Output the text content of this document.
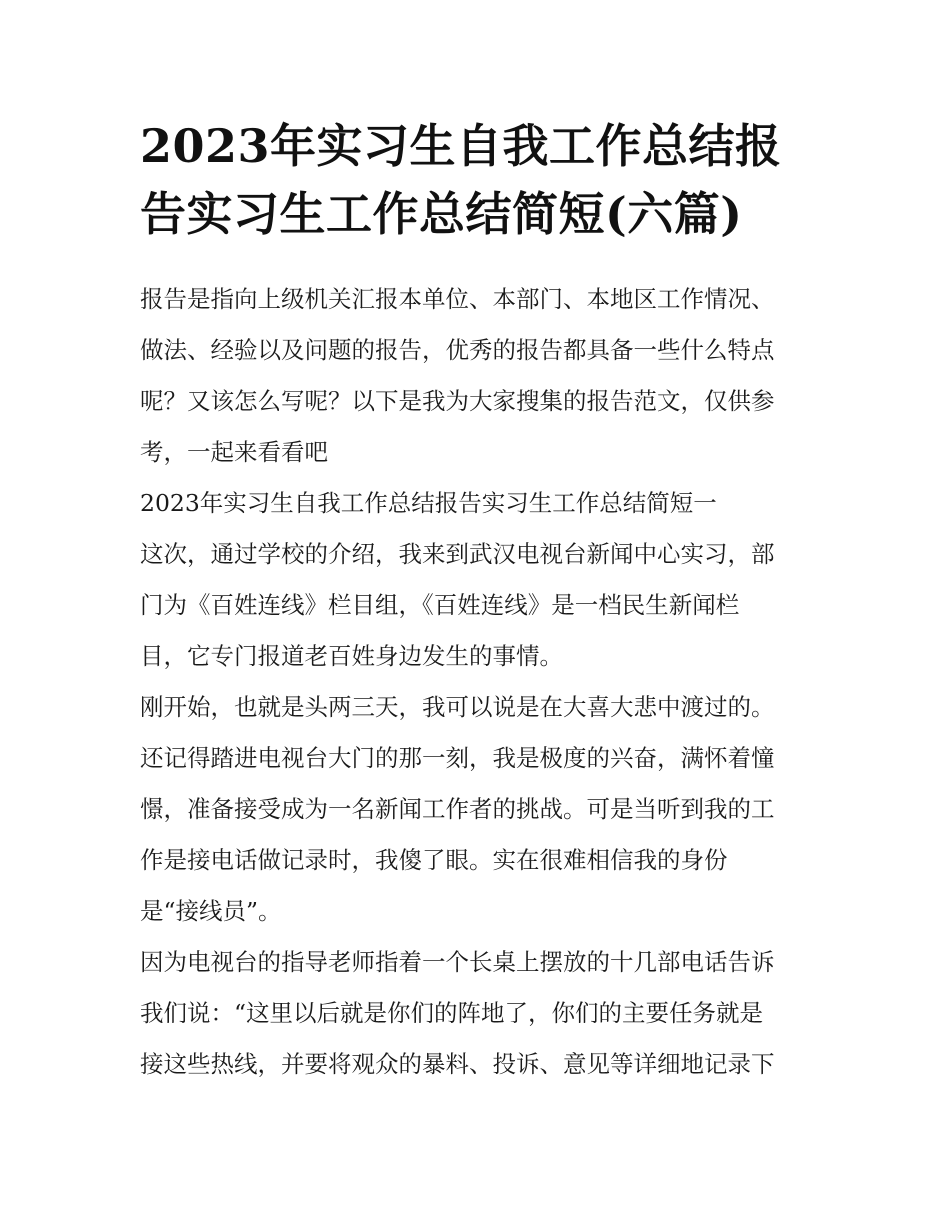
2023年实习生自我工作总结报
告实习生工作总结简短(六篇)
报告是指向上级机关汇报本单位、本部门、本地区工作情况、
做法、经验以及问题的报告，优秀的报告都具备一些什么特点
呢？又该怎么写呢？以下是我为大家搜集的报告范文，仅供参
考，一起来看看吧
2023年实习生自我工作总结报告实习生工作总结简短一
这次，通过学校的介绍，我来到武汉电视台新闻中心实习，部
门为《百姓连线》栏目组，《百姓连线》是一档民生新闻栏
目，它专门报道老百姓身边发生的事情。
刚开始，也就是头两三天，我可以说是在大喜大悲中渡过的。
还记得踏进电视台大门的那一刻，我是极度的兴奋，满怀着憧
憬，准备接受成为一名新闻工作者的挑战。可是当听到我的工
作是接电话做记录时，我傻了眼。实在很难相信我的身份
是“接线员”。
因为电视台的指导老师指着一个长桌上摆放的十几部电话告诉
我们说：“这里以后就是你们的阵地了，你们的主要任务就是
接这些热线，并要将观众的暴料、投诉、意见等详细地记录下
